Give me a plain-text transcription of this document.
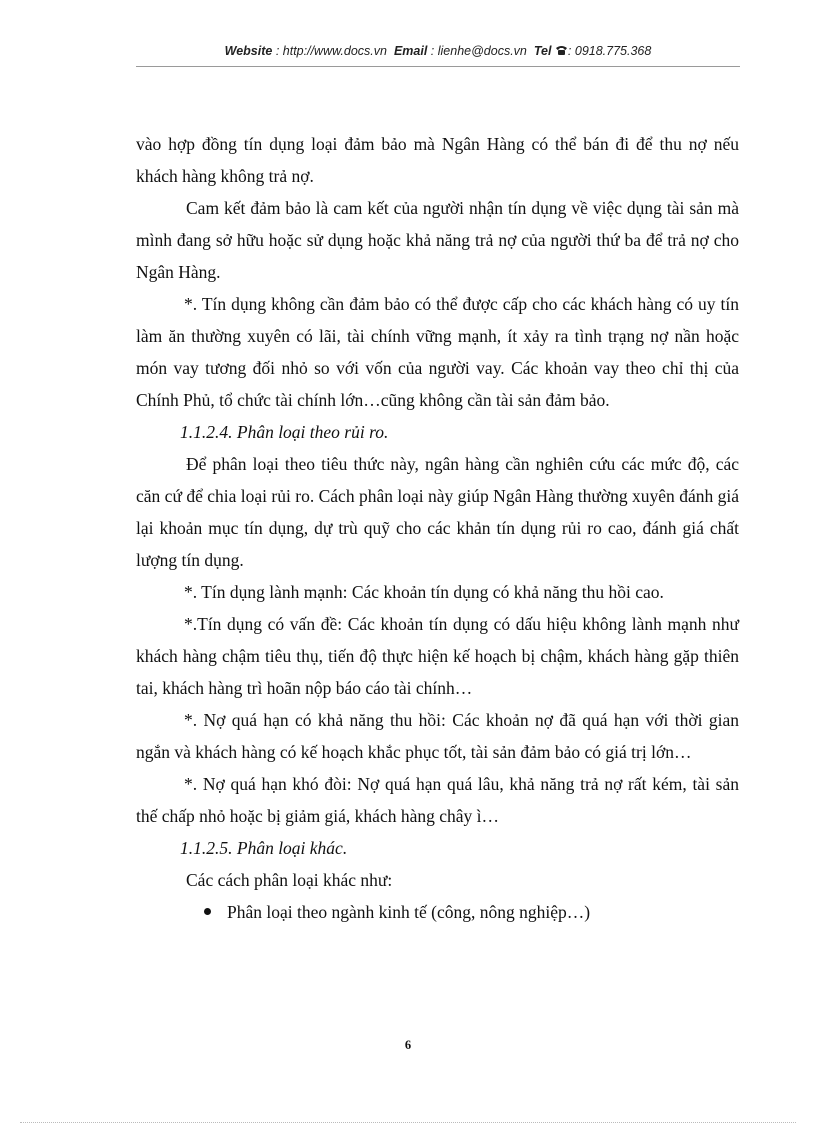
Website : http://www.docs.vn Email : lienhe@docs.vn Tel : 0918.775.368

vào hợp đồng tín dụng loại đảm bảo mà Ngân Hàng có thể bán đi để thu nợ nếu khách hàng không trả nợ.

Cam kết đảm bảo là cam kết của người nhận tín dụng về việc dụng tài sản mà mình đang sở hữu hoặc sử dụng hoặc khả năng trả nợ của người thứ ba để trả nợ cho Ngân Hàng.

*. Tín dụng không cần đảm bảo có thể được cấp cho các khách hàng có uy tín làm ăn thường xuyên có lãi, tài chính vững mạnh, ít xảy ra tình trạng nợ nần hoặc món vay tương đối nhỏ so với vốn của người vay. Các khoản vay theo chỉ thị của Chính Phủ, tổ chức tài chính lớn…cũng không cần tài sản đảm bảo.

1.1.2.4. Phân loại theo rủi ro.

Để phân loại theo tiêu thức này, ngân hàng cần nghiên cứu các mức độ, các căn cứ để chia loại rủi ro. Cách phân loại này giúp Ngân Hàng thường xuyên đánh giá lại khoản mục tín dụng, dự trù quỹ cho các khản tín dụng rủi ro cao, đánh giá chất lượng tín dụng.

*. Tín dụng lành mạnh: Các khoản tín dụng có khả năng thu hồi cao.

*.Tín dụng có vấn đề: Các khoản tín dụng có dấu hiệu không lành mạnh như khách hàng chậm tiêu thụ, tiến độ thực hiện kế hoạch bị chậm, khách hàng gặp thiên tai, khách hàng trì hoãn nộp báo cáo tài chính…

*. Nợ quá hạn có khả năng thu hồi: Các khoản nợ đã quá hạn với thời gian ngắn và khách hàng có kế hoạch khắc phục tốt, tài sản đảm bảo có giá trị lớn…

*. Nợ quá hạn khó đòi: Nợ quá hạn quá lâu, khả năng trả nợ rất kém, tài sản thế chấp nhỏ hoặc bị giảm giá, khách hàng chây ì…

1.1.2.5. Phân loại khác.

Các cách phân loại khác như:

Phân loại theo ngành kinh tế (công, nông nghiệp…)
6
